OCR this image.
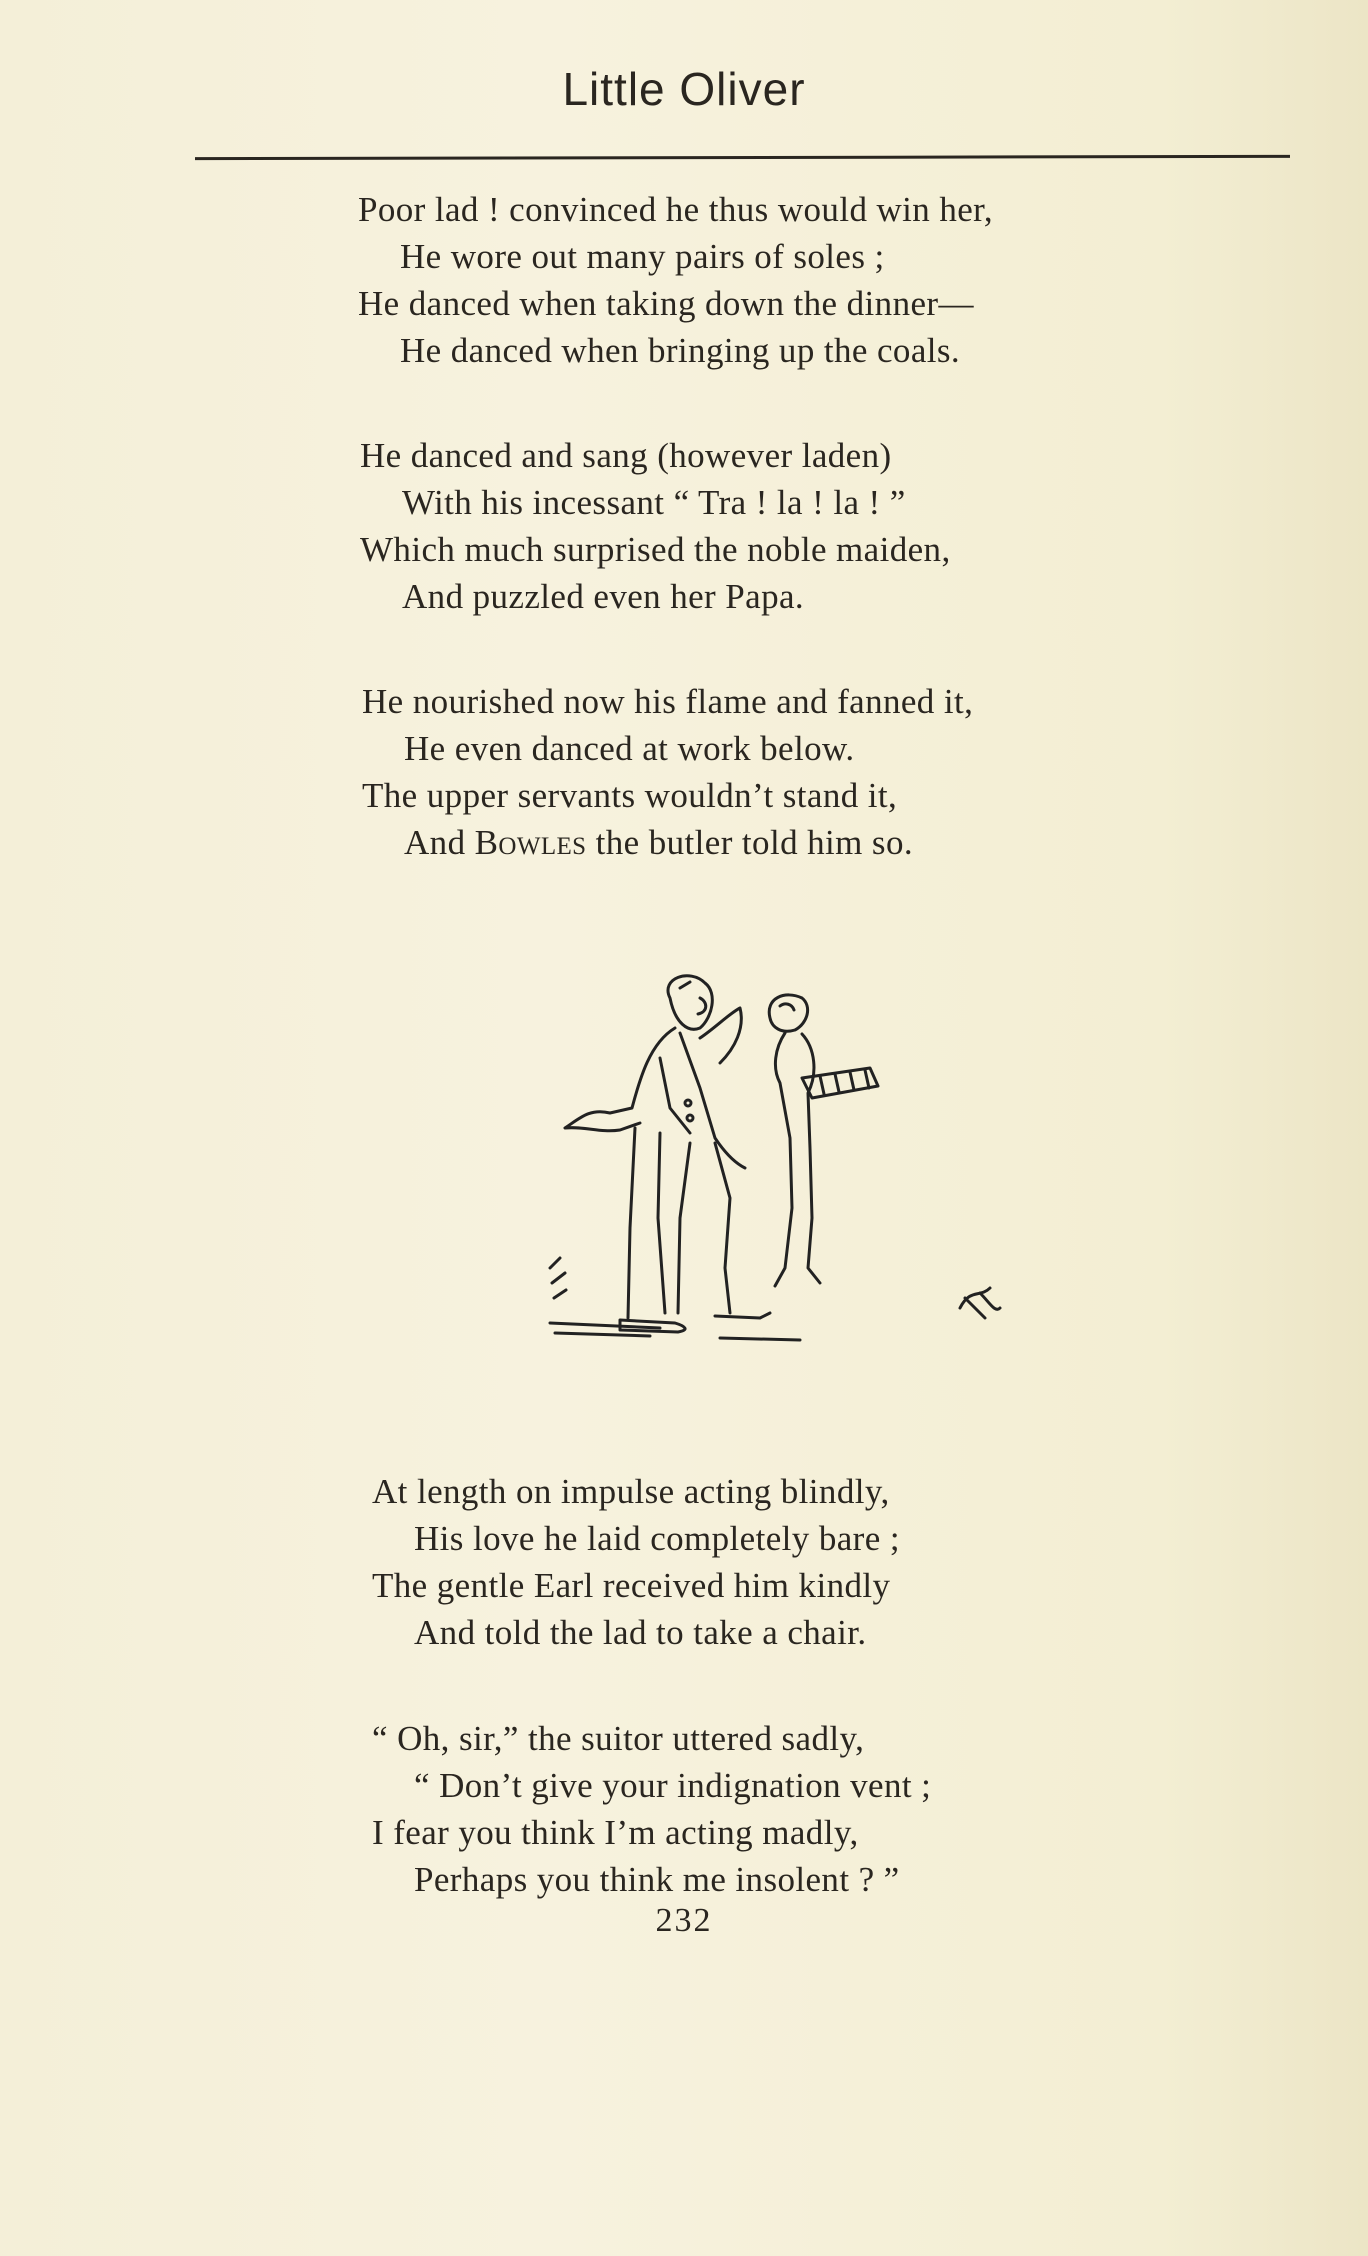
Little Oliver
Poor lad ! convinced he thus would win her,
He wore out many pairs of soles ;
He danced when taking down the dinner—
He danced when bringing up the coals.
He danced and sang (however laden)
With his incessant “ Tra ! la ! la ! ”
Which much surprised the noble maiden,
And puzzled even her Papa.
He nourished now his flame and fanned it,
He even danced at work below.
The upper servants wouldn’t stand it,
And Bowles the butler told him so.
At length on impulse acting blindly,
His love he laid completely bare ;
The gentle Earl received him kindly
And told the lad to take a chair.
“ Oh, sir,” the suitor uttered sadly,
“ Don’t give your indignation vent ;
I fear you think I’m acting madly,
Perhaps you think me insolent ? ”
232
